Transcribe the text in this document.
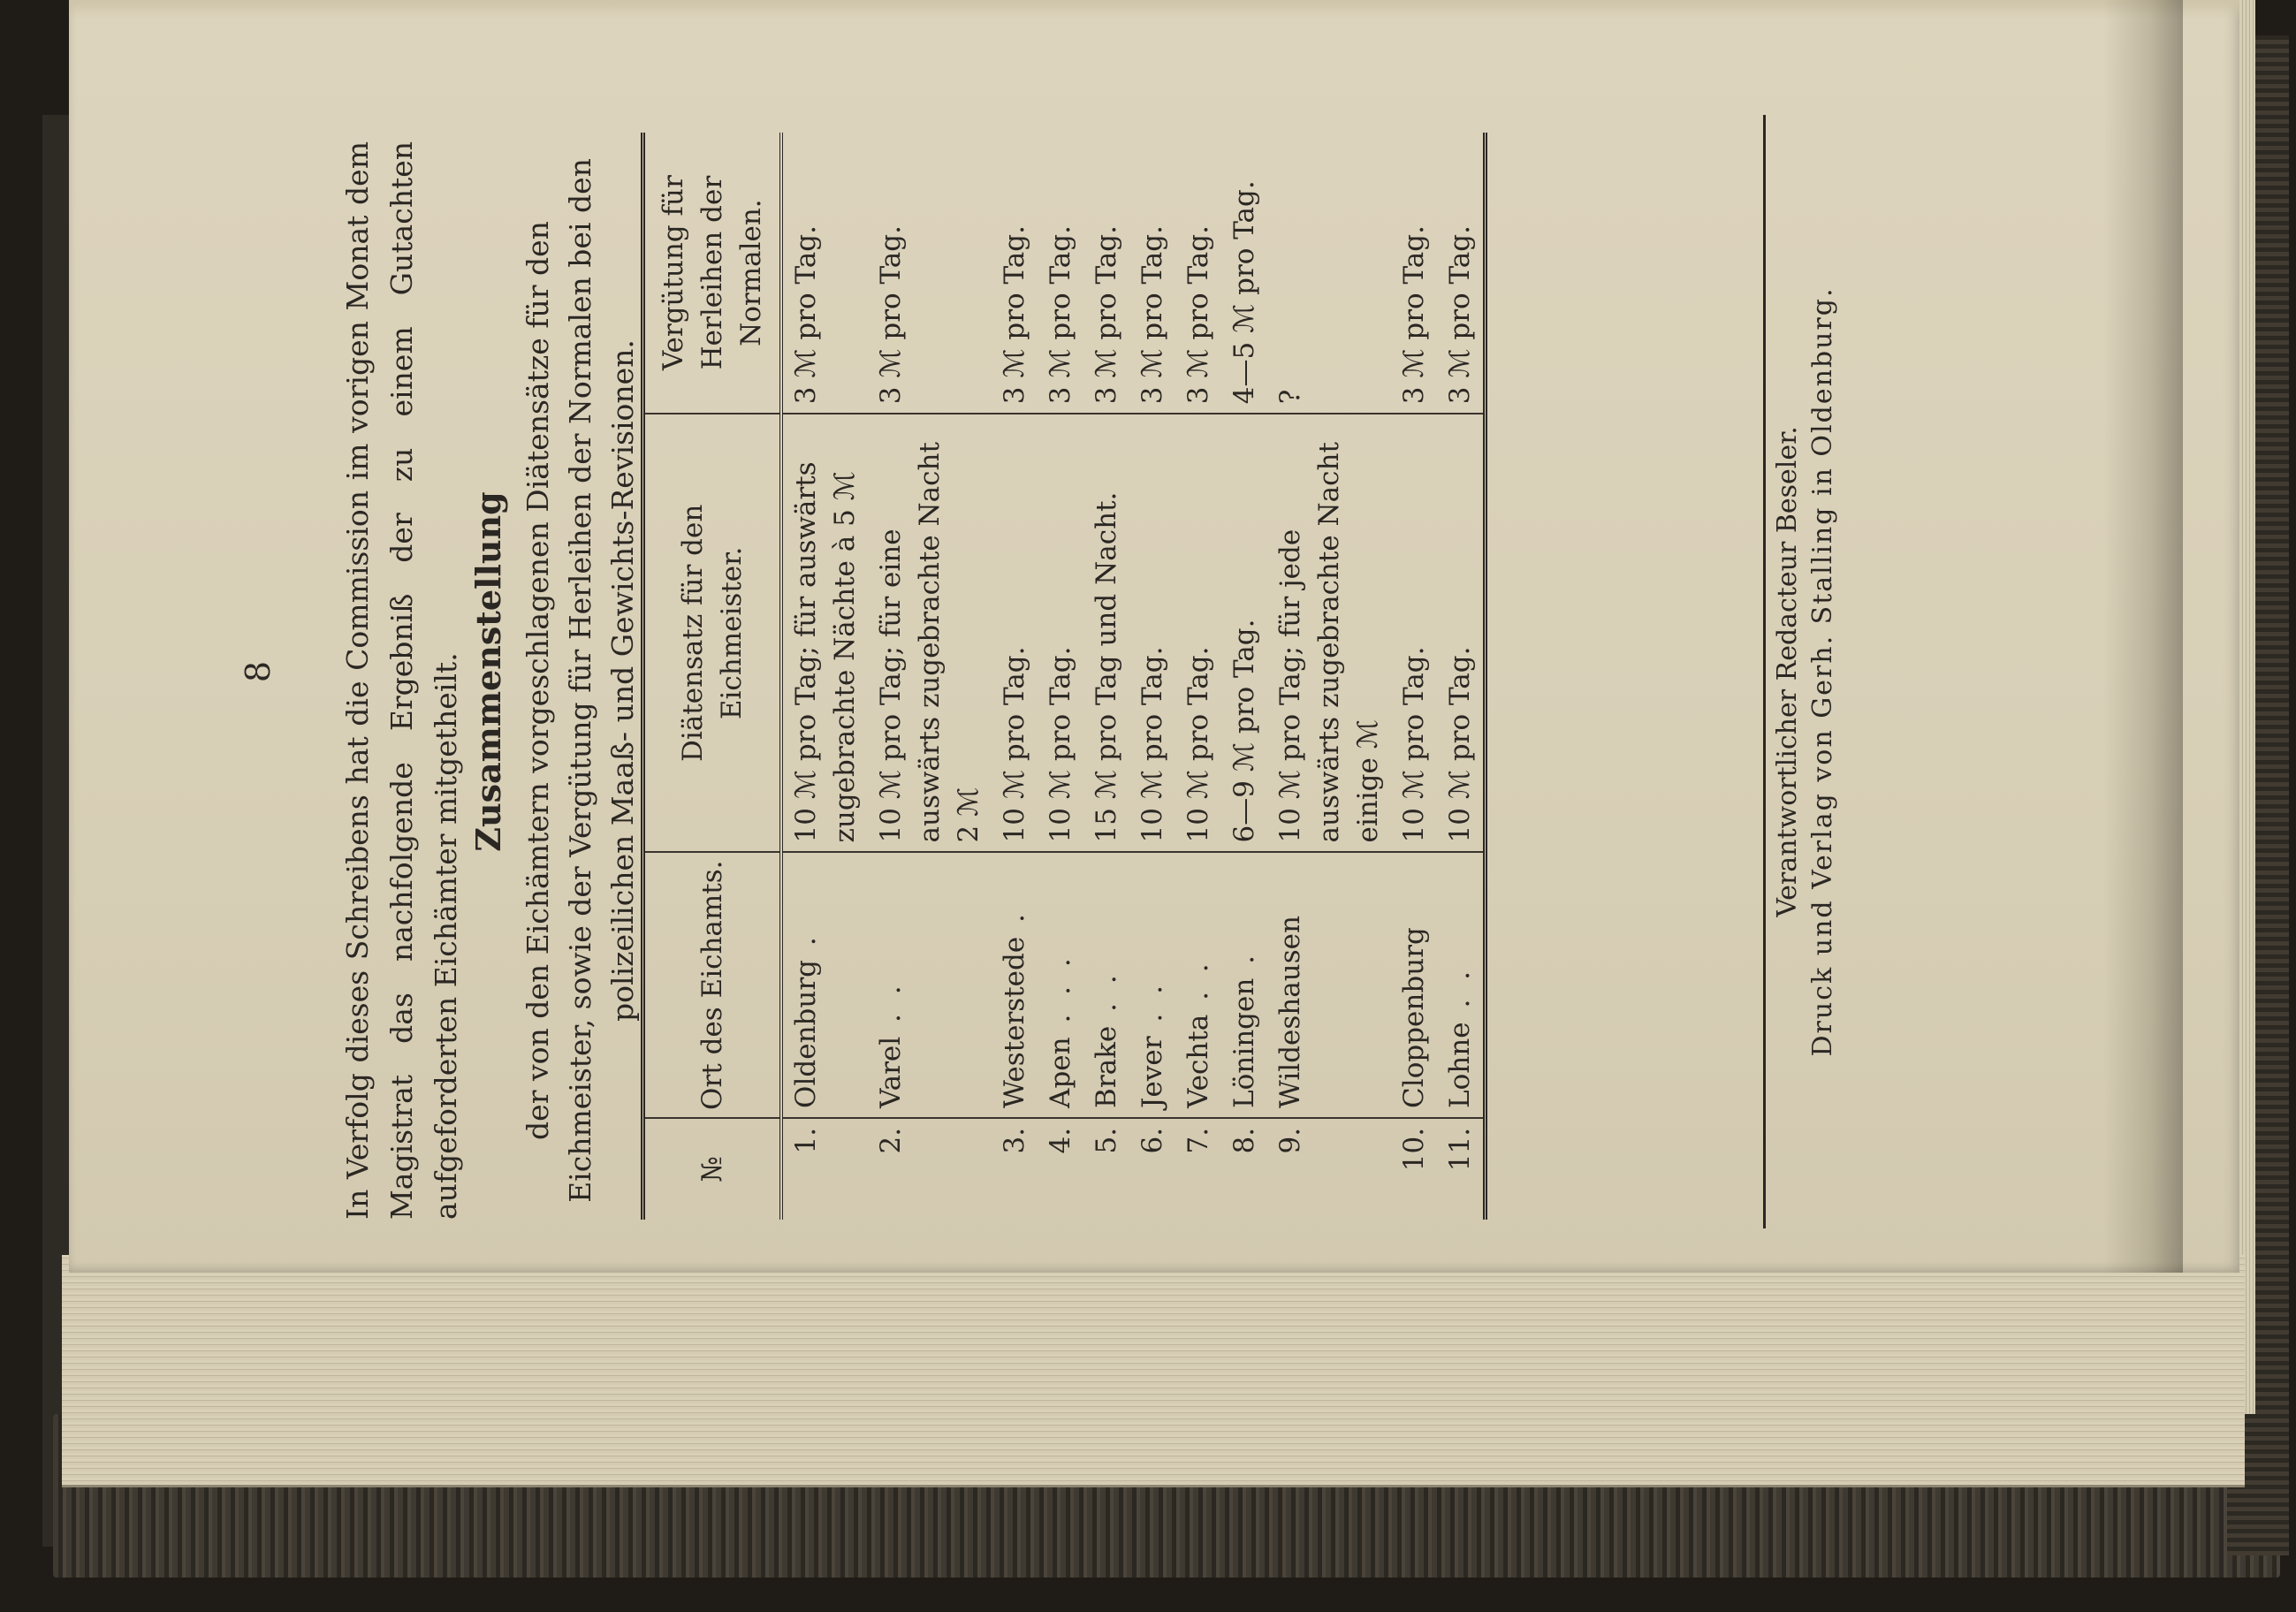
8 In Verfolg dieses Schreibens hat die Commission im vorigen Monat dem Magistrat das nachfolgende Ergebniß der zu einem Gutachten aufgeforderten Eichämter mitgetheilt. Zusammenstellung der von den Eichämtern vorgeschlagenen Diätensätze für den Eichmeister, sowie der Vergütung für Herleihen der Normalen bei den polizeilichen Maaß- und Gewichts-Revisionen.
№	Ort des Eichamts.	Diätensatz für den Eichmeister.	Vergütung für Herleihen der Normalen.
1.	Oldenburg .	10 ℳ pro Tag; für auswärts zugebrachte Nächte à 5 ℳ	3 ℳ pro Tag.
2.	Varel . .	10 ℳ pro Tag; für eine auswärts zugebrachte Nacht 2 ℳ	3 ℳ pro Tag.
3.	Westerstede .	10 ℳ pro Tag.	3 ℳ pro Tag.
4.	Apen . . .	10 ℳ pro Tag.	3 ℳ pro Tag.
5.	Brake . .	15 ℳ pro Tag und Nacht.	3 ℳ pro Tag.
6.	Jever . .	10 ℳ pro Tag.	3 ℳ pro Tag.
7.	Vechta . .	10 ℳ pro Tag.	3 ℳ pro Tag.
8.	Löningen .	6—9 ℳ pro Tag.	4—5 ℳ pro Tag.
9.	Wildeshausen	10 ℳ pro Tag; für jede auswärts zugebrachte Nacht einige ℳ	?
10.	Cloppenburg	10 ℳ pro Tag.	3 ℳ pro Tag.
11.	Lohne . .	10 ℳ pro Tag.	3 ℳ pro Tag.
Verantwortlicher Redacteur Beseler. Druck und Verlag von Gerh. Stalling in Oldenburg.
